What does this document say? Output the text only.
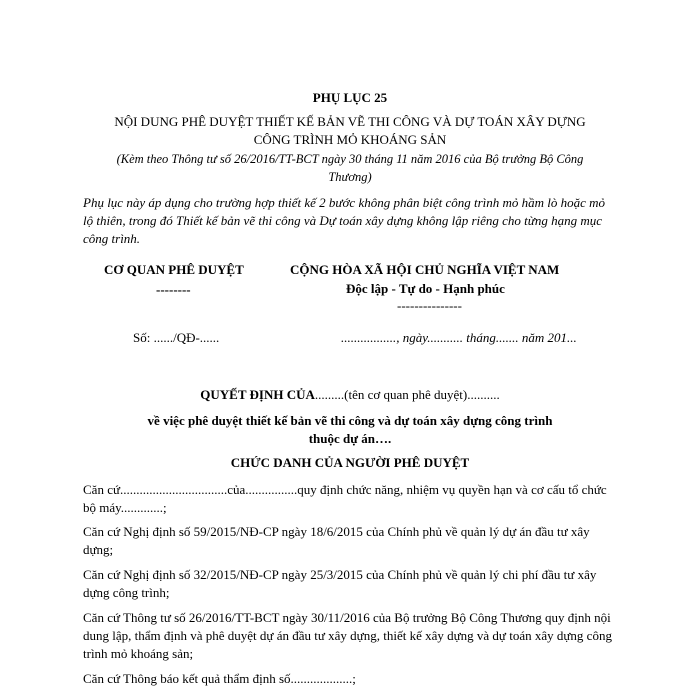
PHỤ LỤC 25
NỘI DUNG PHÊ DUYỆT THIẾT KẾ BẢN VẼ THI CÔNG VÀ DỰ TOÁN XÂY DỰNG
CÔNG TRÌNH MỎ KHOÁNG SẢN
(Kèm theo Thông tư số 26/2016/TT-BCT ngày 30 tháng 11 năm 2016 của Bộ trưởng Bộ Công
Thương)
Phụ lục này áp dụng cho trường hợp thiết kế 2 bước không phân biệt công trình mỏ hầm lò hoặc mỏ lộ thiên, trong đó Thiết kế bản vẽ thi công và Dự toán xây dựng không lập riêng cho từng hạng mục công trình.
CƠ QUAN PHÊ DUYỆT
--------
CỘNG HÒA XÃ HỘI CHỦ NGHĨA VIỆT NAM
Độc lập - Tự do - Hạnh phúc
---------------
Số: ....../QĐ-......	................., ngày........... tháng....... năm 201...
QUYẾT ĐỊNH CỦA.........(tên cơ quan phê duyệt)..........
về việc phê duyệt thiết kế bản vẽ thi công và dự toán xây dựng công trình
thuộc dự án….
CHỨC DANH CỦA NGƯỜI PHÊ DUYỆT
Căn cứ.................................của................quy định chức năng, nhiệm vụ quyền hạn và cơ cấu tổ chức bộ máy.............;
Căn cứ Nghị định số 59/2015/NĐ-CP ngày 18/6/2015 của Chính phủ về quản lý dự án đầu tư xây dựng;
Căn cứ Nghị định số 32/2015/NĐ-CP ngày 25/3/2015 của Chính phủ về quản lý chi phí đầu tư xây dựng công trình;
Căn cứ Thông tư số 26/2016/TT-BCT ngày 30/11/2016 của Bộ trưởng Bộ Công Thương quy định nội dung lập, thẩm định và phê duyệt dự án đầu tư xây dựng, thiết kế xây dựng và dự toán xây dựng công trình mỏ khoáng sản;
Căn cứ Thông báo kết quả thẩm định số...................;
